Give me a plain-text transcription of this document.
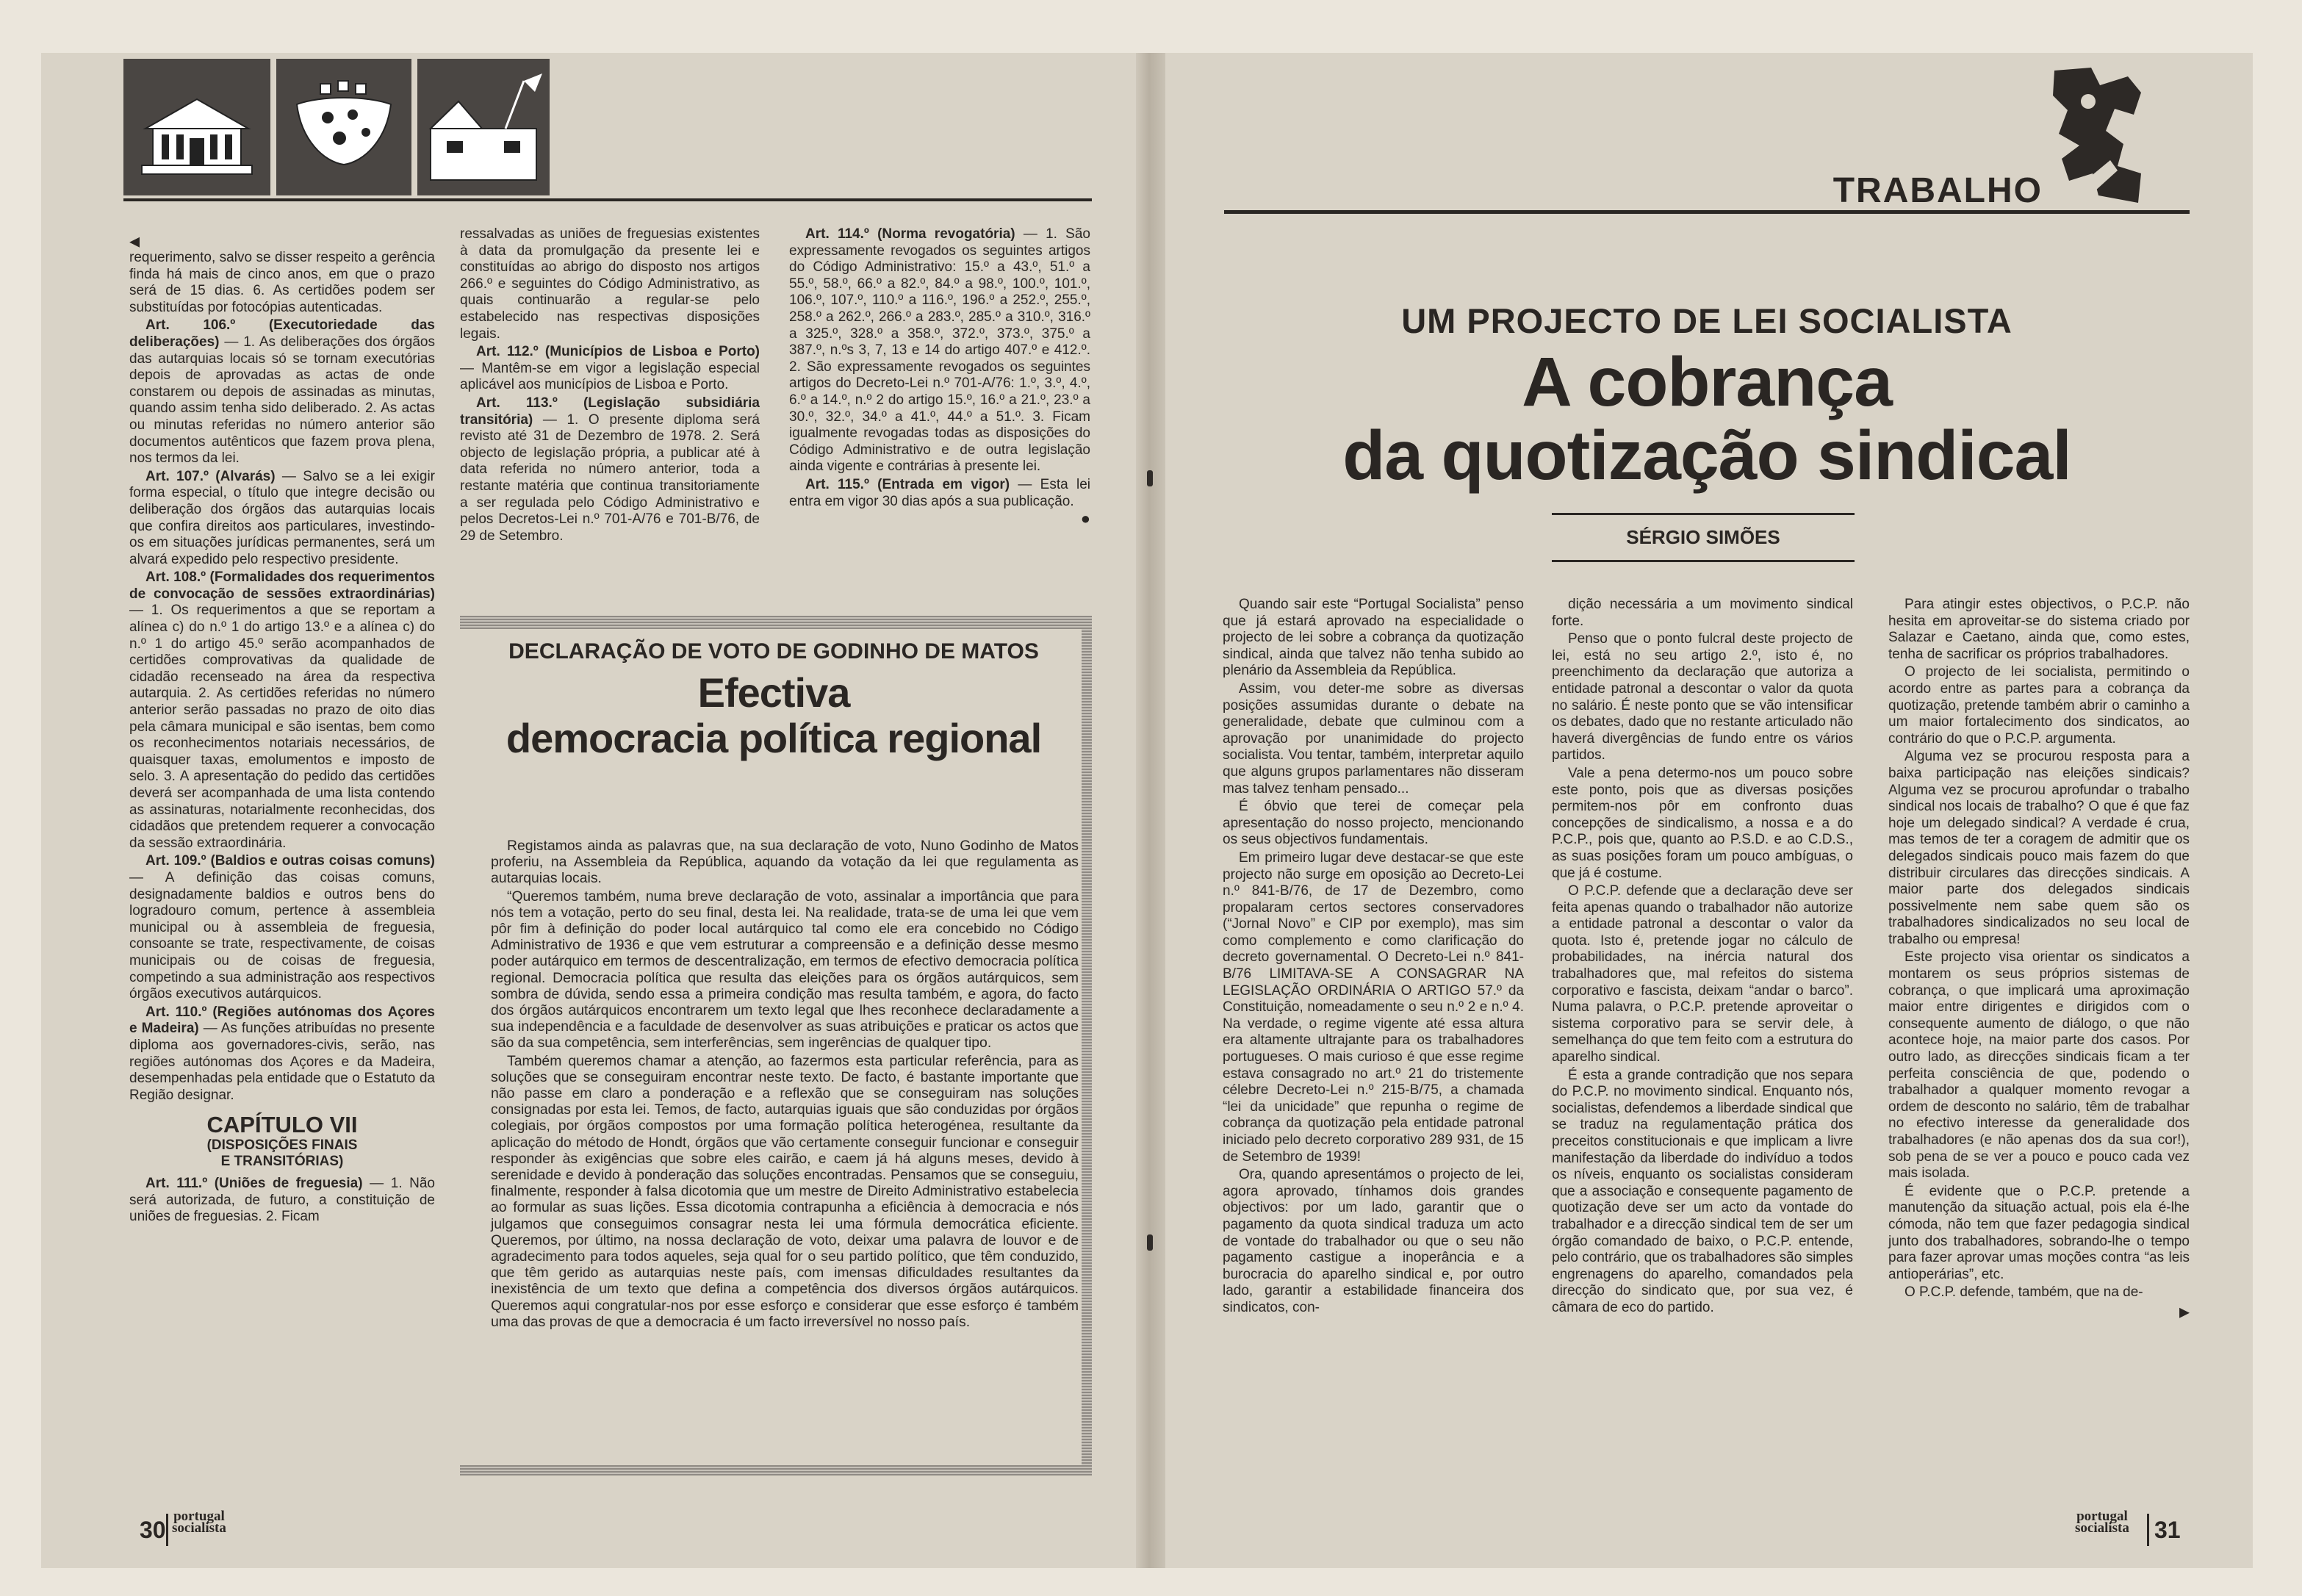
◂

requerimento, salvo se disser respeito a gerência finda há mais de cinco anos, em que o prazo será de 15 dias. 6. As certidões podem ser substituídas por fotocópias autenticadas.

Art. 106.º (Executoriedade das deliberações) — 1. As deliberações dos órgãos das autarquias locais só se tornam executórias depois de aprovadas as actas de onde constarem ou depois de assinadas as minutas, quando assim tenha sido deliberado. 2. As actas ou minutas referidas no número anterior são documentos autênticos que fazem prova plena, nos termos da lei.

Art. 107.º (Alvarás) — Salvo se a lei exigir forma especial, o título que integre decisão ou deliberação dos órgãos das autarquias locais que confira direitos aos particulares, investindo-os em situações jurídicas permanentes, será um alvará expedido pelo respectivo presidente.

Art. 108.º (Formalidades dos requerimentos de convocação de sessões extraordinárias) — 1. Os requerimentos a que se reportam a alínea c) do n.º 1 do artigo 13.º e a alínea c) do n.º 1 do artigo 45.º serão acompanhados de certidões comprovativas da qualidade de cidadão recenseado na área da respectiva autarquia. 2. As certidões referidas no número anterior serão passadas no prazo de oito dias pela câmara municipal e são isentas, bem como os reconhecimentos notariais necessários, de quaisquer taxas, emolumentos e imposto de selo. 3. A apresentação do pedido das certidões deverá ser acompanhada de uma lista contendo as assinaturas, notarialmente reconhecidas, dos cidadãos que pretendem requerer a convocação da sessão extraordinária.

Art. 109.º (Baldios e outras coisas comuns) — A definição das coisas comuns, designadamente baldios e outros bens do logradouro comum, pertence à assembleia municipal ou à assembleia de freguesia, consoante se trate, respectivamente, de coisas municipais ou de coisas de freguesia, competindo a sua administração aos respectivos órgãos executivos autárquicos.

Art. 110.º (Regiões autónomas dos Açores e Madeira) — As funções atribuídas no presente diploma aos governadores-civis, serão, nas regiões autónomas dos Açores e da Madeira, desempenhadas pela entidade que o Estatuto da Região designar.

CAPÍTULO VII
(DISPOSIÇÕES FINAIS
E TRANSITÓRIAS)

Art. 111.º (Uniões de freguesia) — 1. Não será autorizada, de futuro, a constituição de uniões de freguesias. 2. Ficam

ressalvadas as uniões de freguesias existentes à data da promulgação da presente lei e constituídas ao abrigo do disposto nos artigos 266.º e seguintes do Código Administrativo, as quais continuarão a regular-se pelo estabelecido nas respectivas disposições legais.

Art. 112.º (Municípios de Lisboa e Porto) — Mantêm-se em vigor a legislação especial aplicável aos municípios de Lisboa e Porto.

Art. 113.º (Legislação subsidiária transitória) — 1. O presente diploma será revisto até 31 de Dezembro de 1978. 2. Será objecto de legislação própria, a publicar até à data referida no número anterior, toda a restante matéria que continua transitoriamente a ser regulada pelo Código Administrativo e pelos Decretos-Lei n.º 701-A/76 e 701-B/76, de 29 de Setembro.

Art. 114.º (Norma revogatória) — 1. São expressamente revogados os seguintes artigos do Código Administrativo: 15.º a 43.º, 51.º a 55.º, 58.º, 66.º a 82.º, 84.º a 98.º, 100.º, 101.º, 106.º, 107.º, 110.º a 116.º, 196.º a 252.º, 255.º, 258.º a 262.º, 266.º a 283.º, 285.º a 310.º, 316.º a 325.º, 328.º a 358.º, 372.º, 373.º, 375.º a 387.º, n.ºs 3, 7, 13 e 14 do artigo 407.º e 412.º. 2. São expressamente revogados os seguintes artigos do Decreto-Lei n.º 701-A/76: 1.º, 3.º, 4.º, 6.º a 14.º, n.º 2 do artigo 15.º, 16.º a 21.º, 23.º a 30.º, 32.º, 34.º a 41.º, 44.º a 51.º. 3. Ficam igualmente revogadas todas as disposições do Código Administrativo e de outra legislação ainda vigente e contrárias à presente lei.

Art. 115.º (Entrada em vigor) — Esta lei entra em vigor 30 dias após a sua publicação.

●
DECLARAÇÃO DE VOTO DE GODINHO DE MATOS
Efectiva
democracia política regional

Registamos ainda as palavras que, na sua declaração de voto, Nuno Godinho de Matos proferiu, na Assembleia da República, aquando da votação da lei que regulamenta as autarquias locais.

“Queremos também, numa breve declaração de voto, assinalar a importância que para nós tem a votação, perto do seu final, desta lei. Na realidade, trata-se de uma lei que vem pôr fim à definição do poder local autárquico tal como ele era concebido no Código Administrativo de 1936 e que vem estruturar a compreensão e a definição desse mesmo poder autárquico em termos de descentralização, em termos de efectivo democracia política regional. Democracia política que resulta das eleições para os órgãos autárquicos, sem sombra de dúvida, sendo essa a primeira condição mas resulta também, e agora, do facto dos órgãos autárquicos encontrarem um texto legal que lhes reconhece declaradamente a sua independência e a faculdade de desenvolver as suas atribuições e praticar os actos que são da sua competência, sem interferências, sem ingerências de qualquer tipo.

Também queremos chamar a atenção, ao fazermos esta particular referência, para as soluções que se conseguiram encontrar neste texto. De facto, é bastante importante que não passe em claro a ponderação e a reflexão que se conseguiram nas soluções consignadas por esta lei. Temos, de facto, autarquias iguais que são conduzidas por órgãos colegiais, por órgãos compostos por uma formação política heterogénea, resultante da aplicação do método de Hondt, órgãos que vão certamente conseguir funcionar e conseguir responder às exigências que sobre eles cairão, e caem já há alguns meses, devido à serenidade e devido à ponderação das soluções encontradas. Pensamos que se conseguiu, finalmente, responder à falsa dicotomia que um mestre de Direito Administrativo estabelecia ao formular as suas lições. Essa dicotomia contrapunha a eficiência à democracia e nós julgamos que conseguimos consagrar nesta lei uma fórmula democrática eficiente. Queremos, por último, na nossa declaração de voto, deixar uma palavra de louvor e de agradecimento para todos aqueles, seja qual for o seu partido político, que têm conduzido, que têm gerido as autarquias neste país, com imensas dificuldades resultantes da inexistência de um texto que defina a competência dos diversos órgãos autárquicos. Queremos aqui congratular-nos por esse esforço e considerar que esse esforço é também uma das provas de que a democracia é um facto irreversível no nosso país.

30
portugal
socialista
TRABALHO
UM PROJECTO DE LEI SOCIALISTA
A cobrança
da quotização sindical
SÉRGIO SIMÕES

Quando sair este “Portugal Socialista” penso que já estará aprovado na especialidade o projecto de lei sobre a cobrança da quotização sindical, ainda que talvez não tenha subido ao plenário da Assembleia da República.

Assim, vou deter-me sobre as diversas posições assumidas durante o debate na generalidade, debate que culminou com a aprovação por unanimidade do projecto socialista. Vou tentar, também, interpretar aquilo que alguns grupos parlamentares não disseram mas talvez tenham pensado...

É óbvio que terei de começar pela apresentação do nosso projecto, mencionando os seus objectivos fundamentais.

Em primeiro lugar deve destacar-se que este projecto não surge em oposição ao Decreto-Lei n.º 841-B/76, de 17 de Dezembro, como propalaram certos sectores conservadores (“Jornal Novo” e CIP por exemplo), mas sim como complemento e como clarificação do decreto governamental. O Decreto-Lei n.º 841-B/76 LIMITAVA-SE A CONSAGRAR NA LEGISLAÇÃO ORDINÁRIA O ARTIGO 57.º da Constituição, nomeadamente o seu n.º 2 e n.º 4. Na verdade, o regime vigente até essa altura era altamente ultrajante para os trabalhadores portugueses. O mais curioso é que esse regime estava consagrado no art.º 21 do tristemente célebre Decreto-Lei n.º 215-B/75, a chamada “lei da unicidade” que repunha o regime de cobrança da quotização pela entidade patronal iniciado pelo decreto corporativo 289 931, de 15 de Setembro de 1939!

Ora, quando apresentámos o projecto de lei, agora aprovado, tínhamos dois grandes objectivos: por um lado, garantir que o pagamento da quota sindical traduza um acto de vontade do trabalhador ou que o seu não pagamento castigue a inoperância e a burocracia do aparelho sindical e, por outro lado, garantir a estabilidade financeira dos sindicatos, con-

dição necessária a um movimento sindical forte.

Penso que o ponto fulcral deste projecto de lei, está no seu artigo 2.º, isto é, no preenchimento da declaração que autoriza a entidade patronal a descontar o valor da quota no salário. É neste ponto que se vão intensificar os debates, dado que no restante articulado não haverá divergências de fundo entre os vários partidos.

Vale a pena determo-nos um pouco sobre este ponto, pois que as diversas posições permitem-nos pôr em confronto duas concepções de sindicalismo, a nossa e a do P.C.P., pois que, quanto ao P.S.D. e ao C.D.S., as suas posições foram um pouco ambíguas, o que já é costume.

O P.C.P. defende que a declaração deve ser feita apenas quando o trabalhador não autorize a entidade patronal a descontar o valor da quota. Isto é, pretende jogar no cálculo de probabilidades, na inércia natural dos trabalhadores que, mal refeitos do sistema corporativo e fascista, deixam “andar o barco”. Numa palavra, o P.C.P. pretende aproveitar o sistema corporativo para se servir dele, à semelhança do que tem feito com a estrutura do aparelho sindical.

É esta a grande contradição que nos separa do P.C.P. no movimento sindical. Enquanto nós, socialistas, defendemos a liberdade sindical que se traduz na regulamentação prática dos preceitos constitucionais e que implicam a livre manifestação da liberdade do indivíduo a todos os níveis, enquanto os socialistas consideram que a associação e consequente pagamento de quotização deve ser um acto da vontade do trabalhador e a direcção sindical tem de ser um órgão comandado de baixo, o P.C.P. entende, pelo contrário, que os trabalhadores são simples engrenagens do aparelho, comandados pela direcção do sindicato que, por sua vez, é câmara de eco do partido.

Para atingir estes objectivos, o P.C.P. não hesita em aproveitar-se do sistema criado por Salazar e Caetano, ainda que, como estes, tenha de sacrificar os próprios trabalhadores.

O projecto de lei socialista, permitindo o acordo entre as partes para a cobrança da quotização, pretende também abrir o caminho a um maior fortalecimento dos sindicatos, ao contrário do que o P.C.P. argumenta.

Alguma vez se procurou resposta para a baixa participação nas eleições sindicais? Alguma vez se procurou aprofundar o trabalho sindical nos locais de trabalho? O que é que faz hoje um delegado sindical? A verdade é crua, mas temos de ter a coragem de admitir que os delegados sindicais pouco mais fazem do que distribuir circulares das direcções sindicais. A maior parte dos delegados sindicais possivelmente nem sabe quem são os trabalhadores sindicalizados no seu local de trabalho ou empresa!

Este projecto visa orientar os sindicatos a montarem os seus próprios sistemas de cobrança, o que implicará uma aproximação maior entre dirigentes e dirigidos com o consequente aumento de diálogo, o que não acontece hoje, na maior parte dos casos. Por outro lado, as direcções sindicais ficam a ter perfeita consciência de que, podendo o trabalhador a qualquer momento revogar a ordem de desconto no salário, têm de trabalhar no efectivo interesse da generalidade dos trabalhadores (e não apenas dos da sua cor!), sob pena de se ver a pouco e pouco cada vez mais isolada.

É evidente que o P.C.P. pretende a manutenção da situação actual, pois ela é-lhe cómoda, não tem que fazer pedagogia sindical junto dos trabalhadores, sobrando-lhe o tempo para fazer aprovar umas moções contra “as leis antioperárias”, etc.

O P.C.P. defende, também, que na de-

▸
portugal
socialista 31
